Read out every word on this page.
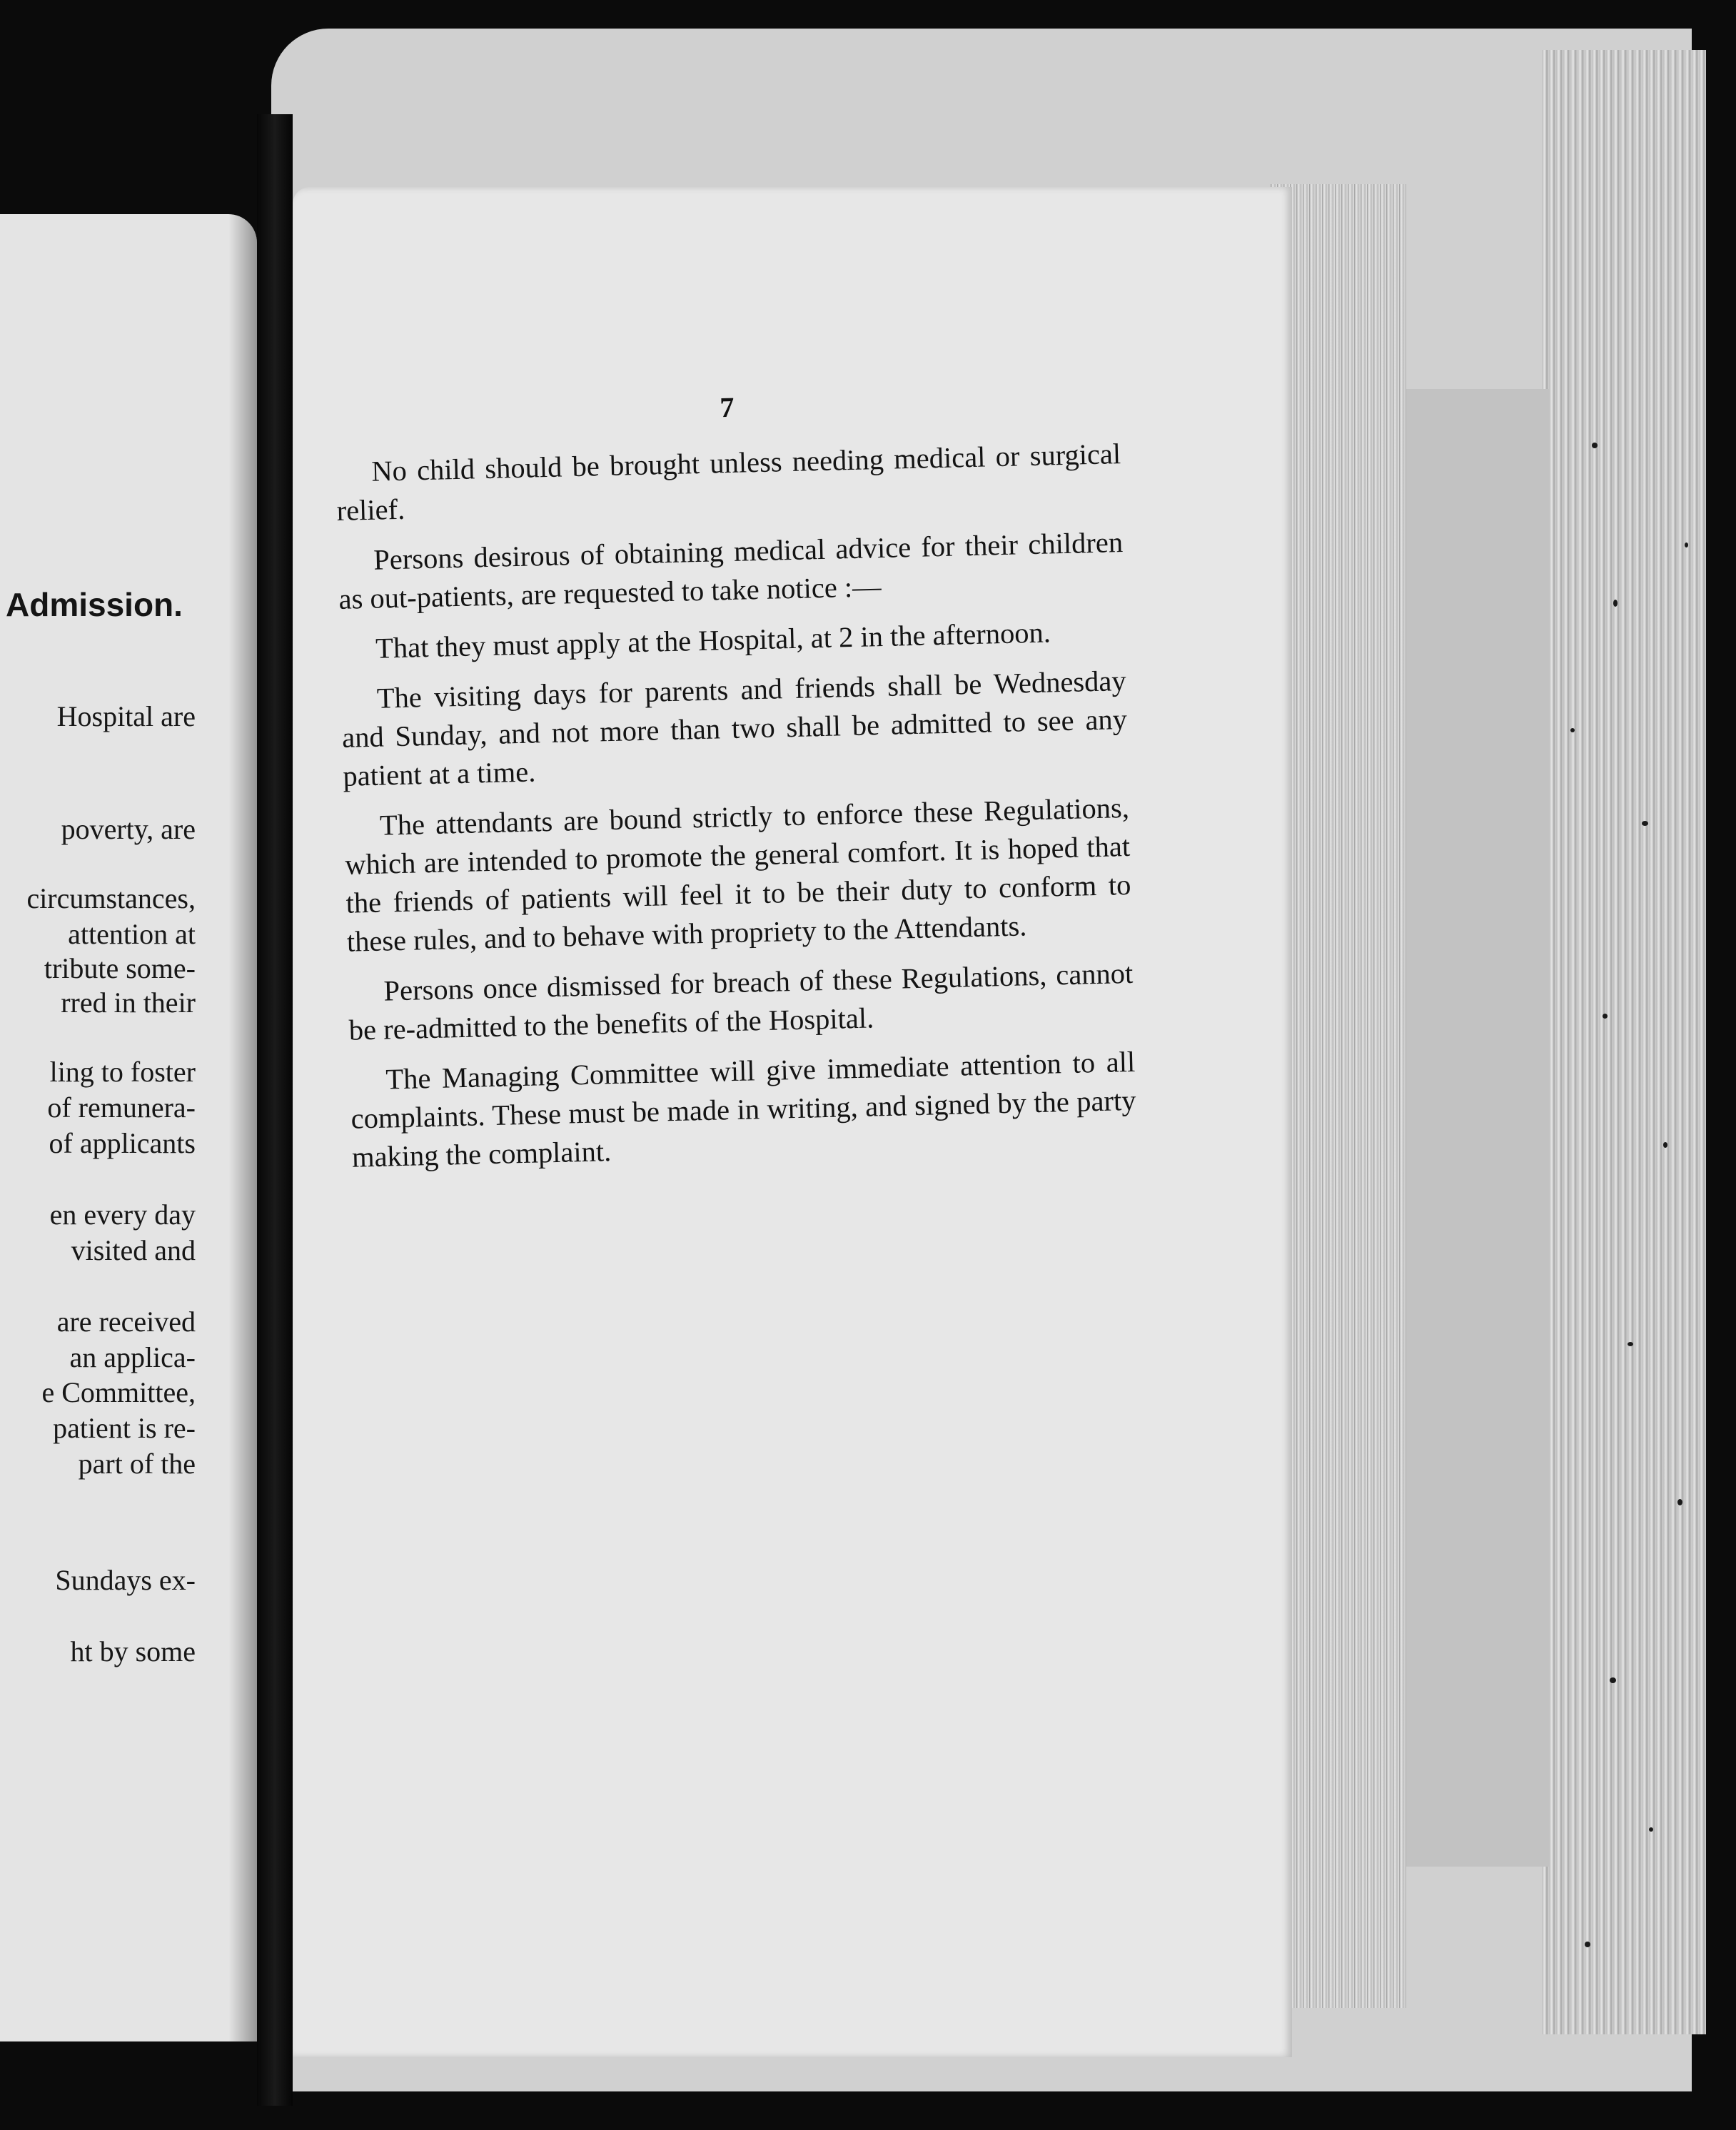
Admission.
Hospital are
poverty, are
circumstances,
attention at
tribute some-
rred in their
ling to foster
of remunera-
of applicants
en every day
visited and
are received
an applica-
e Committee,
patient is re-
part of the
Sundays ex-
ht by some
7

No child should be brought unless needing medical or surgical relief.

Persons desirous of obtaining medical advice for their children as out-patients, are requested to take notice :—

That they must apply at the Hospital, at 2 in the afternoon.

The visiting days for parents and friends shall be Wednesday and Sunday, and not more than two shall be admitted to see any patient at a time.

The attendants are bound strictly to enforce these Regulations, which are intended to promote the general comfort. It is hoped that the friends of patients will feel it to be their duty to conform to these rules, and to behave with propriety to the Attendants.

Persons once dismissed for breach of these Regulations, cannot be re-admitted to the benefits of the Hospital.

The Managing Committee will give immediate attention to all complaints. These must be made in writing, and signed by the party making the complaint.
